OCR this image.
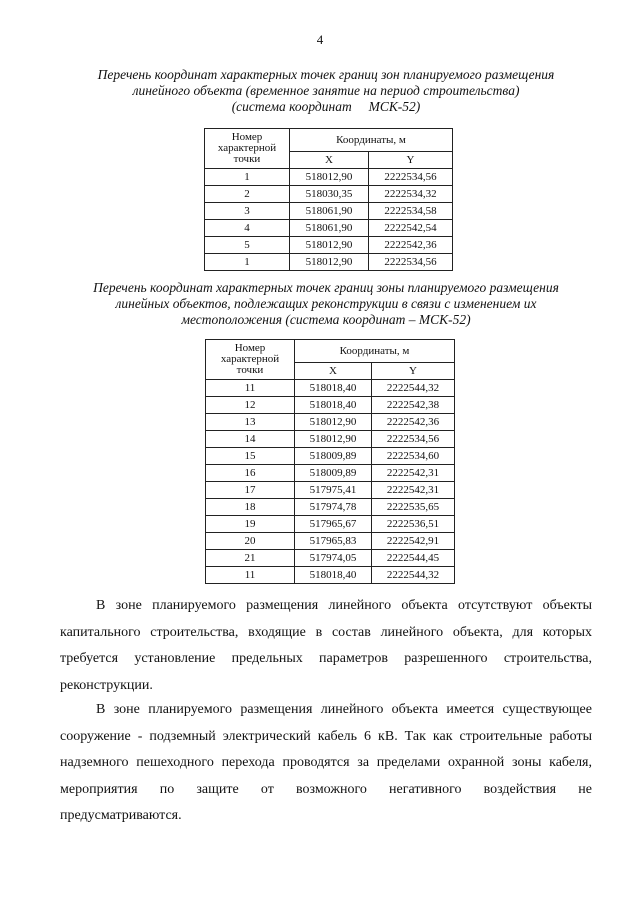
4
Перечень координат характерных точек границ зон планируемого размещения
линейного объекта (временное занятие на период строительства)
(система координат     МСК-52)
Номер
характерной
точки	Координаты, м	
	X	Y
1	518012,90	2222534,56
2	518030,35	2222534,32
3	518061,90	2222534,58
4	518061,90	2222542,54
5	518012,90	2222542,36
1	518012,90	2222534,56
Перечень координат характерных точек границ зоны планируемого размещения
линейных объектов, подлежащих реконструкции в связи с изменением их
местоположения (система координат – МСК-52)
Номер
характерной
точки	Координаты, м	
	X	Y
11	518018,40	2222544,32
12	518018,40	2222542,38
13	518012,90	2222542,36
14	518012,90	2222534,56
15	518009,89	2222534,60
16	518009,89	2222542,31
17	517975,41	2222542,31
18	517974,78	2222535,65
19	517965,67	2222536,51
20	517965,83	2222542,91
21	517974,05	2222544,45
11	518018,40	2222544,32
В зоне планируемого размещения линейного объекта отсутствуют объекты
капитального строительства, входящие в состав линейного объекта, для которых
требуется установление предельных параметров разрешенного строительства,
реконструкции.
В зоне планируемого размещения линейного объекта имеется существующее
сооружение - подземный электрический кабель 6 кВ. Так как строительные работы
надземного пешеходного перехода проводятся за пределами охранной зоны кабеля,
мероприятия по защите от возможного негативного воздействия не
предусматриваются.
